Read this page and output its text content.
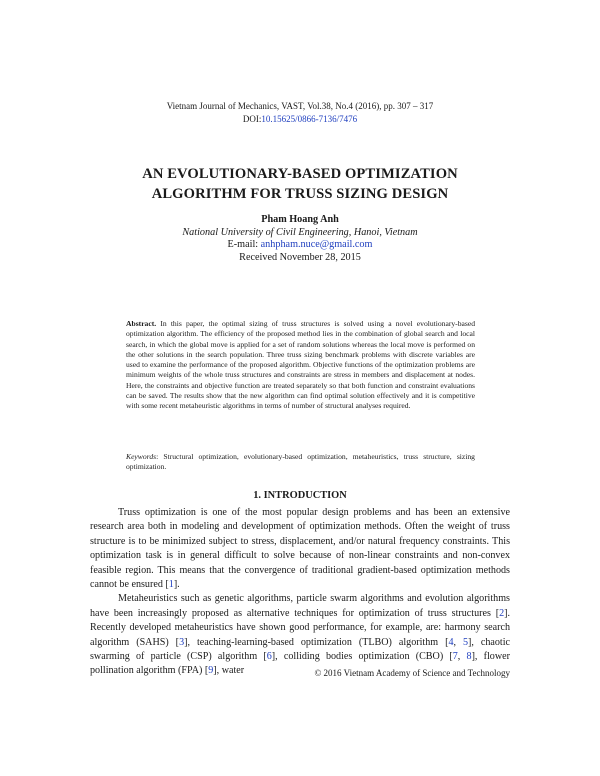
Vietnam Journal of Mechanics, VAST, Vol.38, No.4 (2016), pp. 307 – 317
DOI:10.15625/0866-7136/7476
AN EVOLUTIONARY-BASED OPTIMIZATION
ALGORITHM FOR TRUSS SIZING DESIGN
Pham Hoang Anh
National University of Civil Engineering, Hanoi, Vietnam
E-mail: anhpham.nuce@gmail.com
Received November 28, 2015
Abstract. In this paper, the optimal sizing of truss structures is solved using a novel evolutionary-based optimization algorithm. The efficiency of the proposed method lies in the combination of global search and local search, in which the global move is applied for a set of random solutions whereas the local move is performed on the other solutions in the search population. Three truss sizing benchmark problems with discrete variables are used to examine the performance of the proposed algorithm. Objective functions of the optimization problems are minimum weights of the whole truss structures and constraints are stress in members and displacement at nodes. Here, the constraints and objective function are treated separately so that both function and constraint evaluations can be saved. The results show that the new algorithm can find optimal solution effectively and it is competitive with some recent metaheuristic algorithms in terms of number of structural analyses required.
Keywords: Structural optimization, evolutionary-based optimization, metaheuristics, truss structure, sizing optimization.
1. INTRODUCTION

Truss optimization is one of the most popular design problems and has been an extensive research area both in modeling and development of optimization methods. Often the weight of truss structure is to be minimized subject to stress, displacement, and/or natural frequency constraints. This optimization task is in general difficult to solve because of non-linear constraints and non-convex feasible region. This means that the convergence of traditional gradient-based optimization methods cannot be ensured [1].

Metaheuristics such as genetic algorithms, particle swarm algorithms and evolution algorithms have been increasingly proposed as alternative techniques for optimization of truss structures [2]. Recently developed metaheuristics have shown good performance, for example, are: harmony search algorithm (SAHS) [3], teaching-learning-based optimization (TLBO) algorithm [4, 5], chaotic swarming of particle (CSP) algorithm [6], colliding bodies optimization (CBO) [7, 8], flower pollination algorithm (FPA) [9], water	© 2016 Vietnam Academy of Science and Technology
